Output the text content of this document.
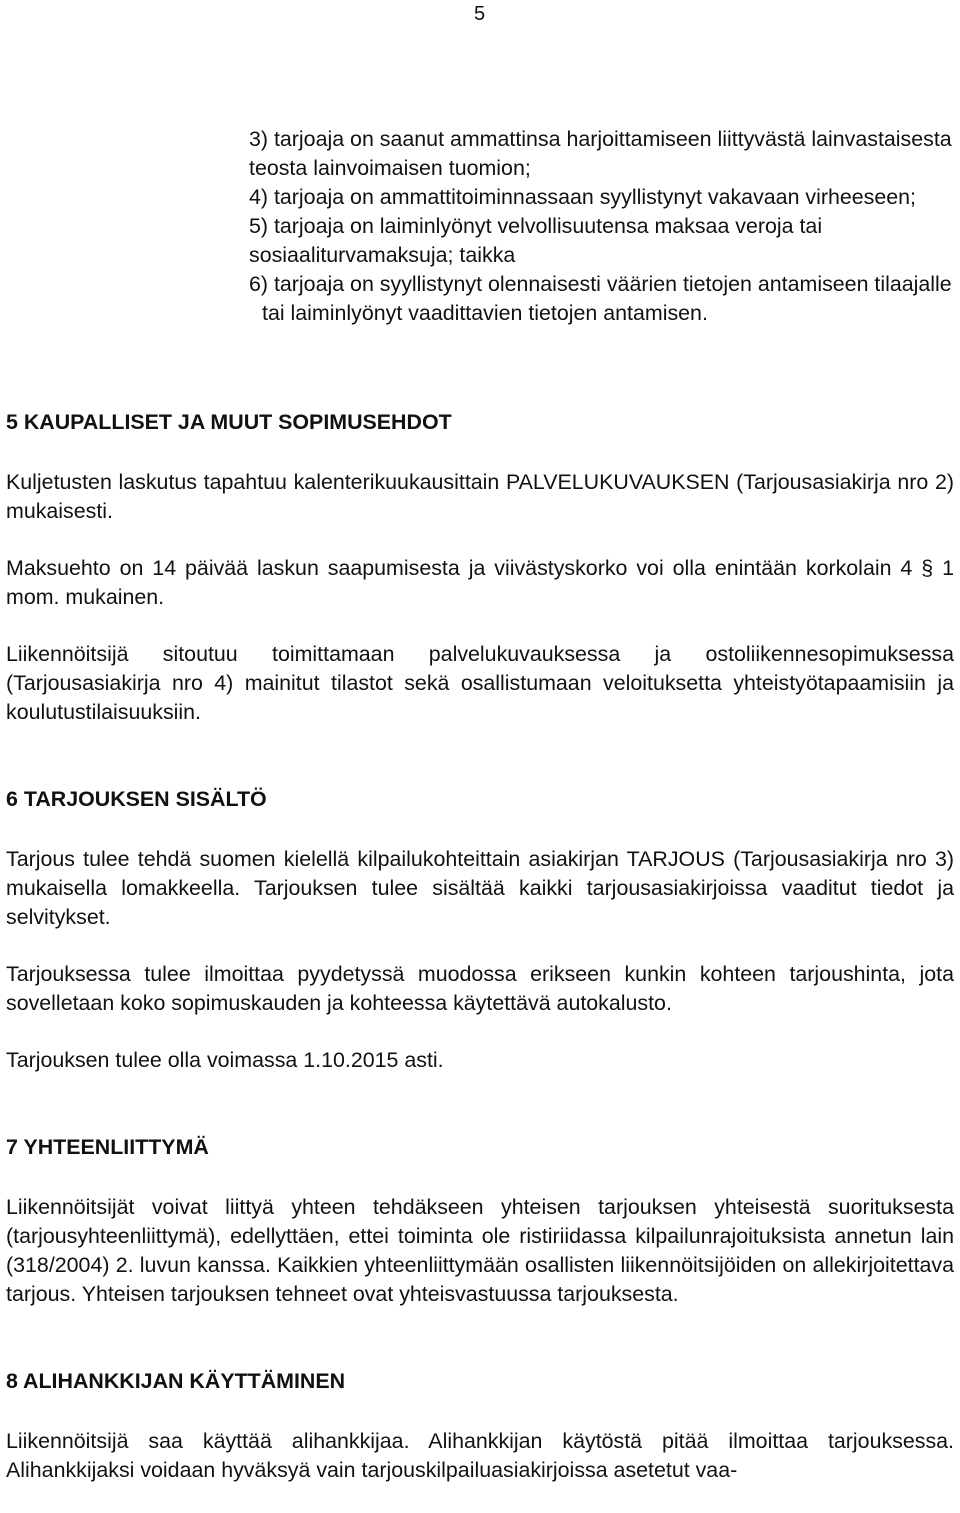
5
3) tarjoaja on saanut ammattinsa harjoittamiseen liittyvästä lainvastaisesta teosta lainvoimaisen tuomion;
4) tarjoaja on ammattitoiminnassaan syyllistynyt vakavaan virheeseen;
5) tarjoaja on laiminlyönyt velvollisuutensa maksaa veroja tai sosiaaliturvamaksuja; taikka
6) tarjoaja on syyllistynyt olennaisesti väärien tietojen antamiseen tilaajalle tai laiminlyönyt vaadittavien tietojen antamisen.
5 KAUPALLISET JA MUUT SOPIMUSEHDOT

Kuljetusten laskutus tapahtuu kalenterikuukausittain PALVELUKUVAUKSEN (Tarjousasiakirja nro 2) mukaisesti.

Maksuehto on 14 päivää laskun saapumisesta ja viivästyskorko voi olla enintään korkolain 4 § 1 mom. mukainen.

Liikennöitsijä sitoutuu toimittamaan palvelukuvauksessa ja ostoliikennesopimuksessa (Tarjousasiakirja nro 4) mainitut tilastot sekä osallistumaan veloituksetta yhteistyötapaamisiin ja koulutustilaisuuksiin.

6 TARJOUKSEN SISÄLTÖ

Tarjous tulee tehdä suomen kielellä kilpailukohteittain asiakirjan TARJOUS (Tarjousasiakirja nro 3) mukaisella lomakkeella. Tarjouksen tulee sisältää kaikki tarjousasiakirjoissa vaaditut tiedot ja selvitykset.

Tarjouksessa tulee ilmoittaa pyydetyssä muodossa erikseen kunkin kohteen tarjoushinta, jota sovelletaan koko sopimuskauden ja kohteessa käytettävä autokalusto.

Tarjouksen tulee olla voimassa 1.10.2015 asti.

7 YHTEENLIITTYMÄ

Liikennöitsijät voivat liittyä yhteen tehdäkseen yhteisen tarjouksen yhteisestä suorituksesta (tarjousyhteenliittymä), edellyttäen, ettei toiminta ole ristiriidassa kilpailunrajoituksista annetun lain (318/2004) 2. luvun kanssa. Kaikkien yhteenliittymään osallisten liikennöitsijöiden on allekirjoitettava tarjous. Yhteisen tarjouksen tehneet ovat yhteisvastuussa tarjouksesta.

8 ALIHANKKIJAN KÄYTTÄMINEN

Liikennöitsijä saa käyttää alihankkijaa. Alihankkijan käytöstä pitää ilmoittaa tarjouksessa. Alihankkijaksi voidaan hyväksyä vain tarjouskilpailuasiakirjoissa asetetut vaa-
